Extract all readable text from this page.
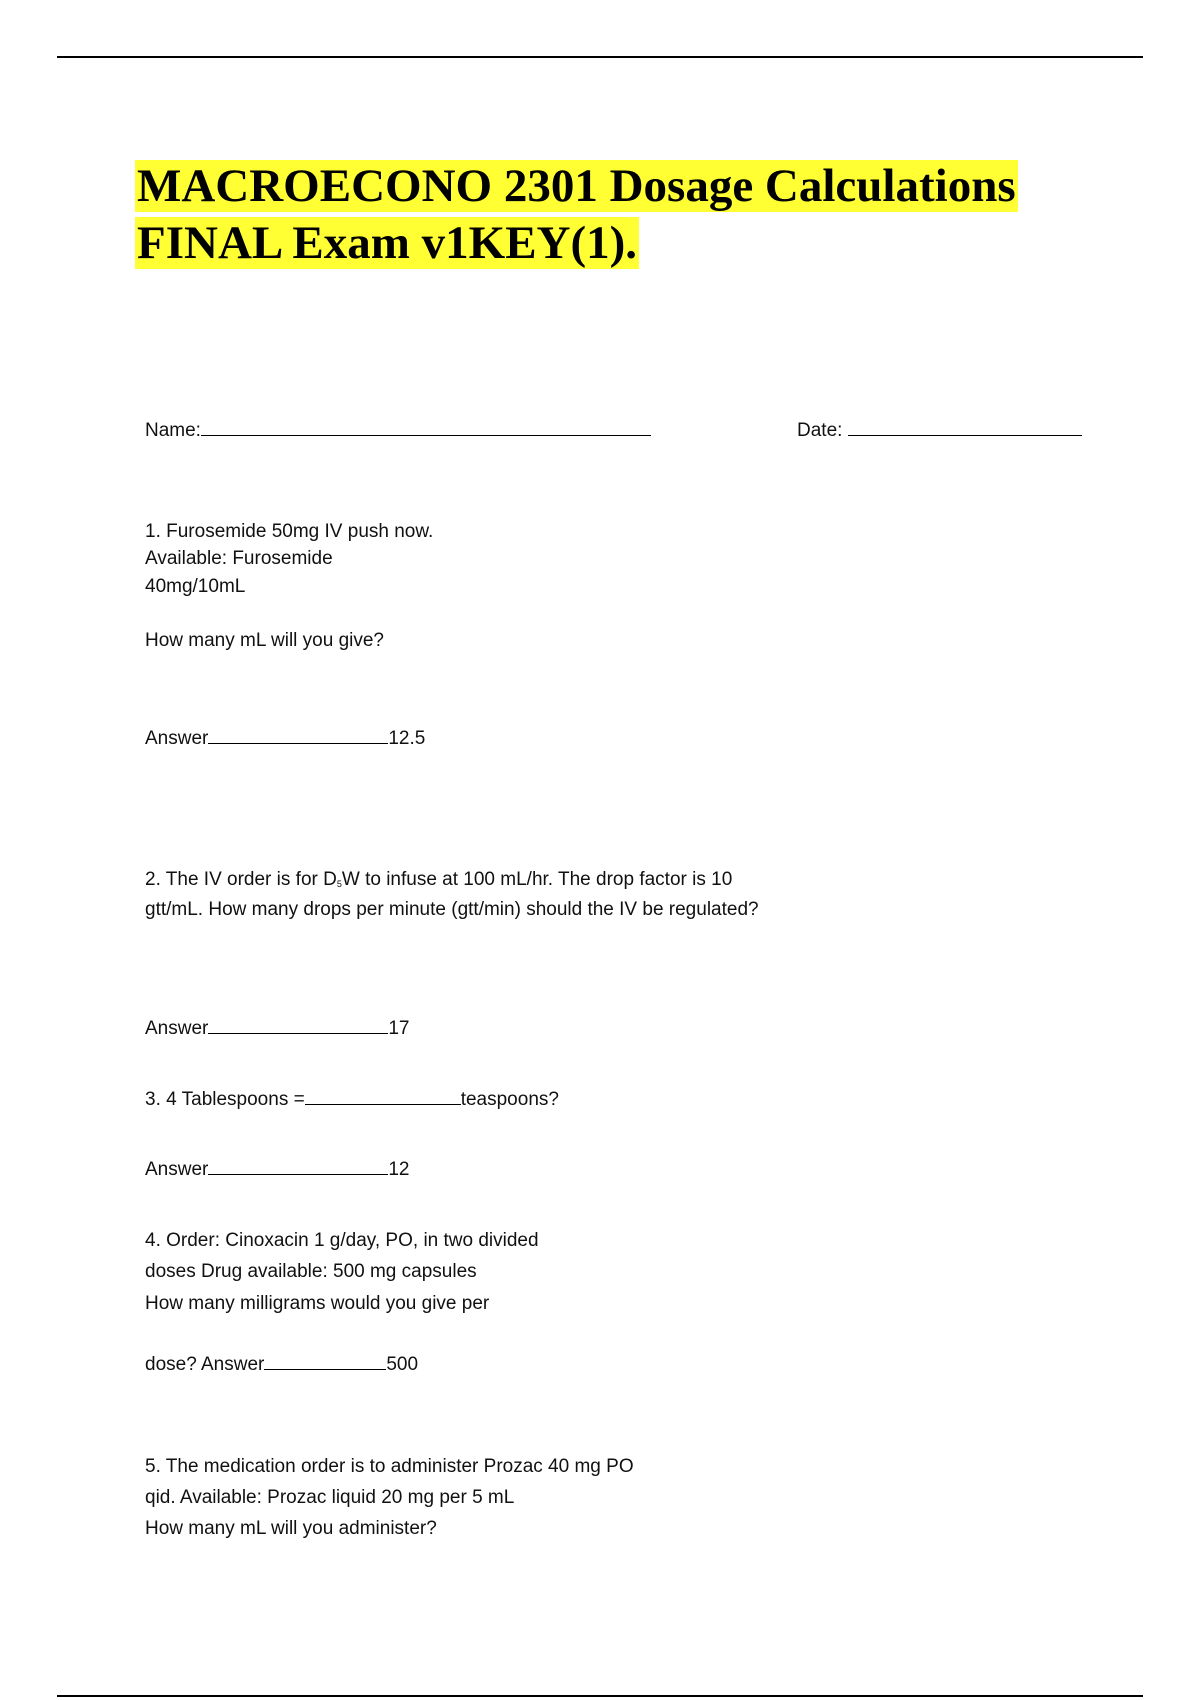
MACROECONO 2301 Dosage Calculations
FINAL Exam v1KEY(1).
Name:	Date:
1. Furosemide 50mg IV push now.
Available: Furosemide
40mg/10mL
How many mL will you give?
Answer	12.5
2. The IV order is for $D_5W$ to infuse at 100 mL/hr. The drop factor is 10
gtt/mL. How many drops per minute (gtt/min) should the IV be regulated?
Answer	17
3. 4 Tablespoons =	teaspoons?
Answer	12
4. Order: Cinoxacin 1 g/day, PO, in two divided
doses Drug available: 500 mg capsules
How many milligrams would you give per
dose? Answer	500
5. The medication order is to administer Prozac 40 mg PO
qid. Available: Prozac liquid 20 mg per 5 mL
How many mL will you administer?
